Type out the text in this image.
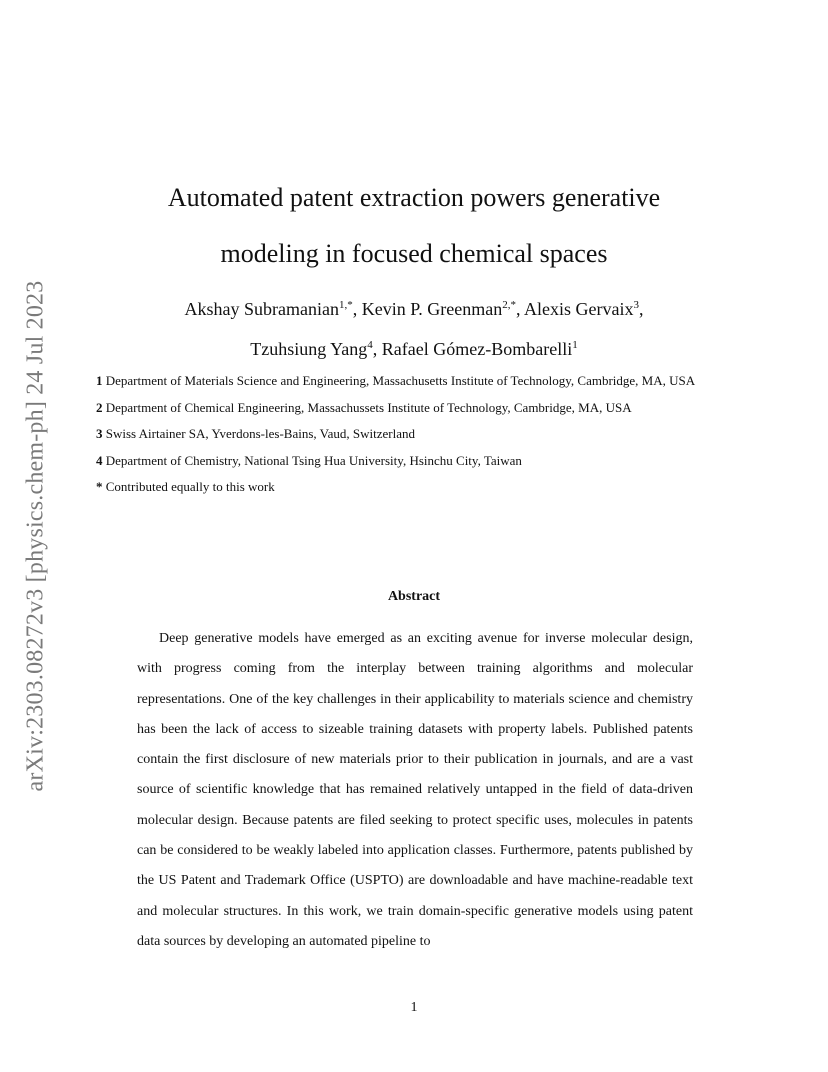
arXiv:2303.08272v3 [physics.chem-ph] 24 Jul 2023
Automated patent extraction powers generative
modeling in focused chemical spaces
Akshay Subramanian$^{1,*}$, Kevin P. Greenman$^{2,*}$, Alexis Gervaix$^3$,
Tzuhsiung Yang$^4$, Rafael Gómez-Bombarelli$^1$
1 Department of Materials Science and Engineering, Massachusetts Institute of Technology, Cambridge, MA, USA
2 Department of Chemical Engineering, Massachussets Institute of Technology, Cambridge, MA, USA
3 Swiss Airtainer SA, Yverdons-les-Bains, Vaud, Switzerland
4 Department of Chemistry, National Tsing Hua University, Hsinchu City, Taiwan
* Contributed equally to this work
Abstract
Deep generative models have emerged as an exciting avenue for inverse molecular design, with progress coming from the interplay between training algorithms and molecular representations. One of the key challenges in their applicability to materials science and chemistry has been the lack of access to sizeable training datasets with property labels. Published patents contain the first disclosure of new materials prior to their publication in journals, and are a vast source of scientific knowledge that has remained relatively untapped in the field of data-driven molecular design. Because patents are filed seeking to protect specific uses, molecules in patents can be considered to be weakly labeled into application classes. Furthermore, patents published by the US Patent and Trademark Office (USPTO) are downloadable and have machine-readable text and molecular structures. In this work, we train domain-specific generative models using patent data sources by developing an automated pipeline to
1
